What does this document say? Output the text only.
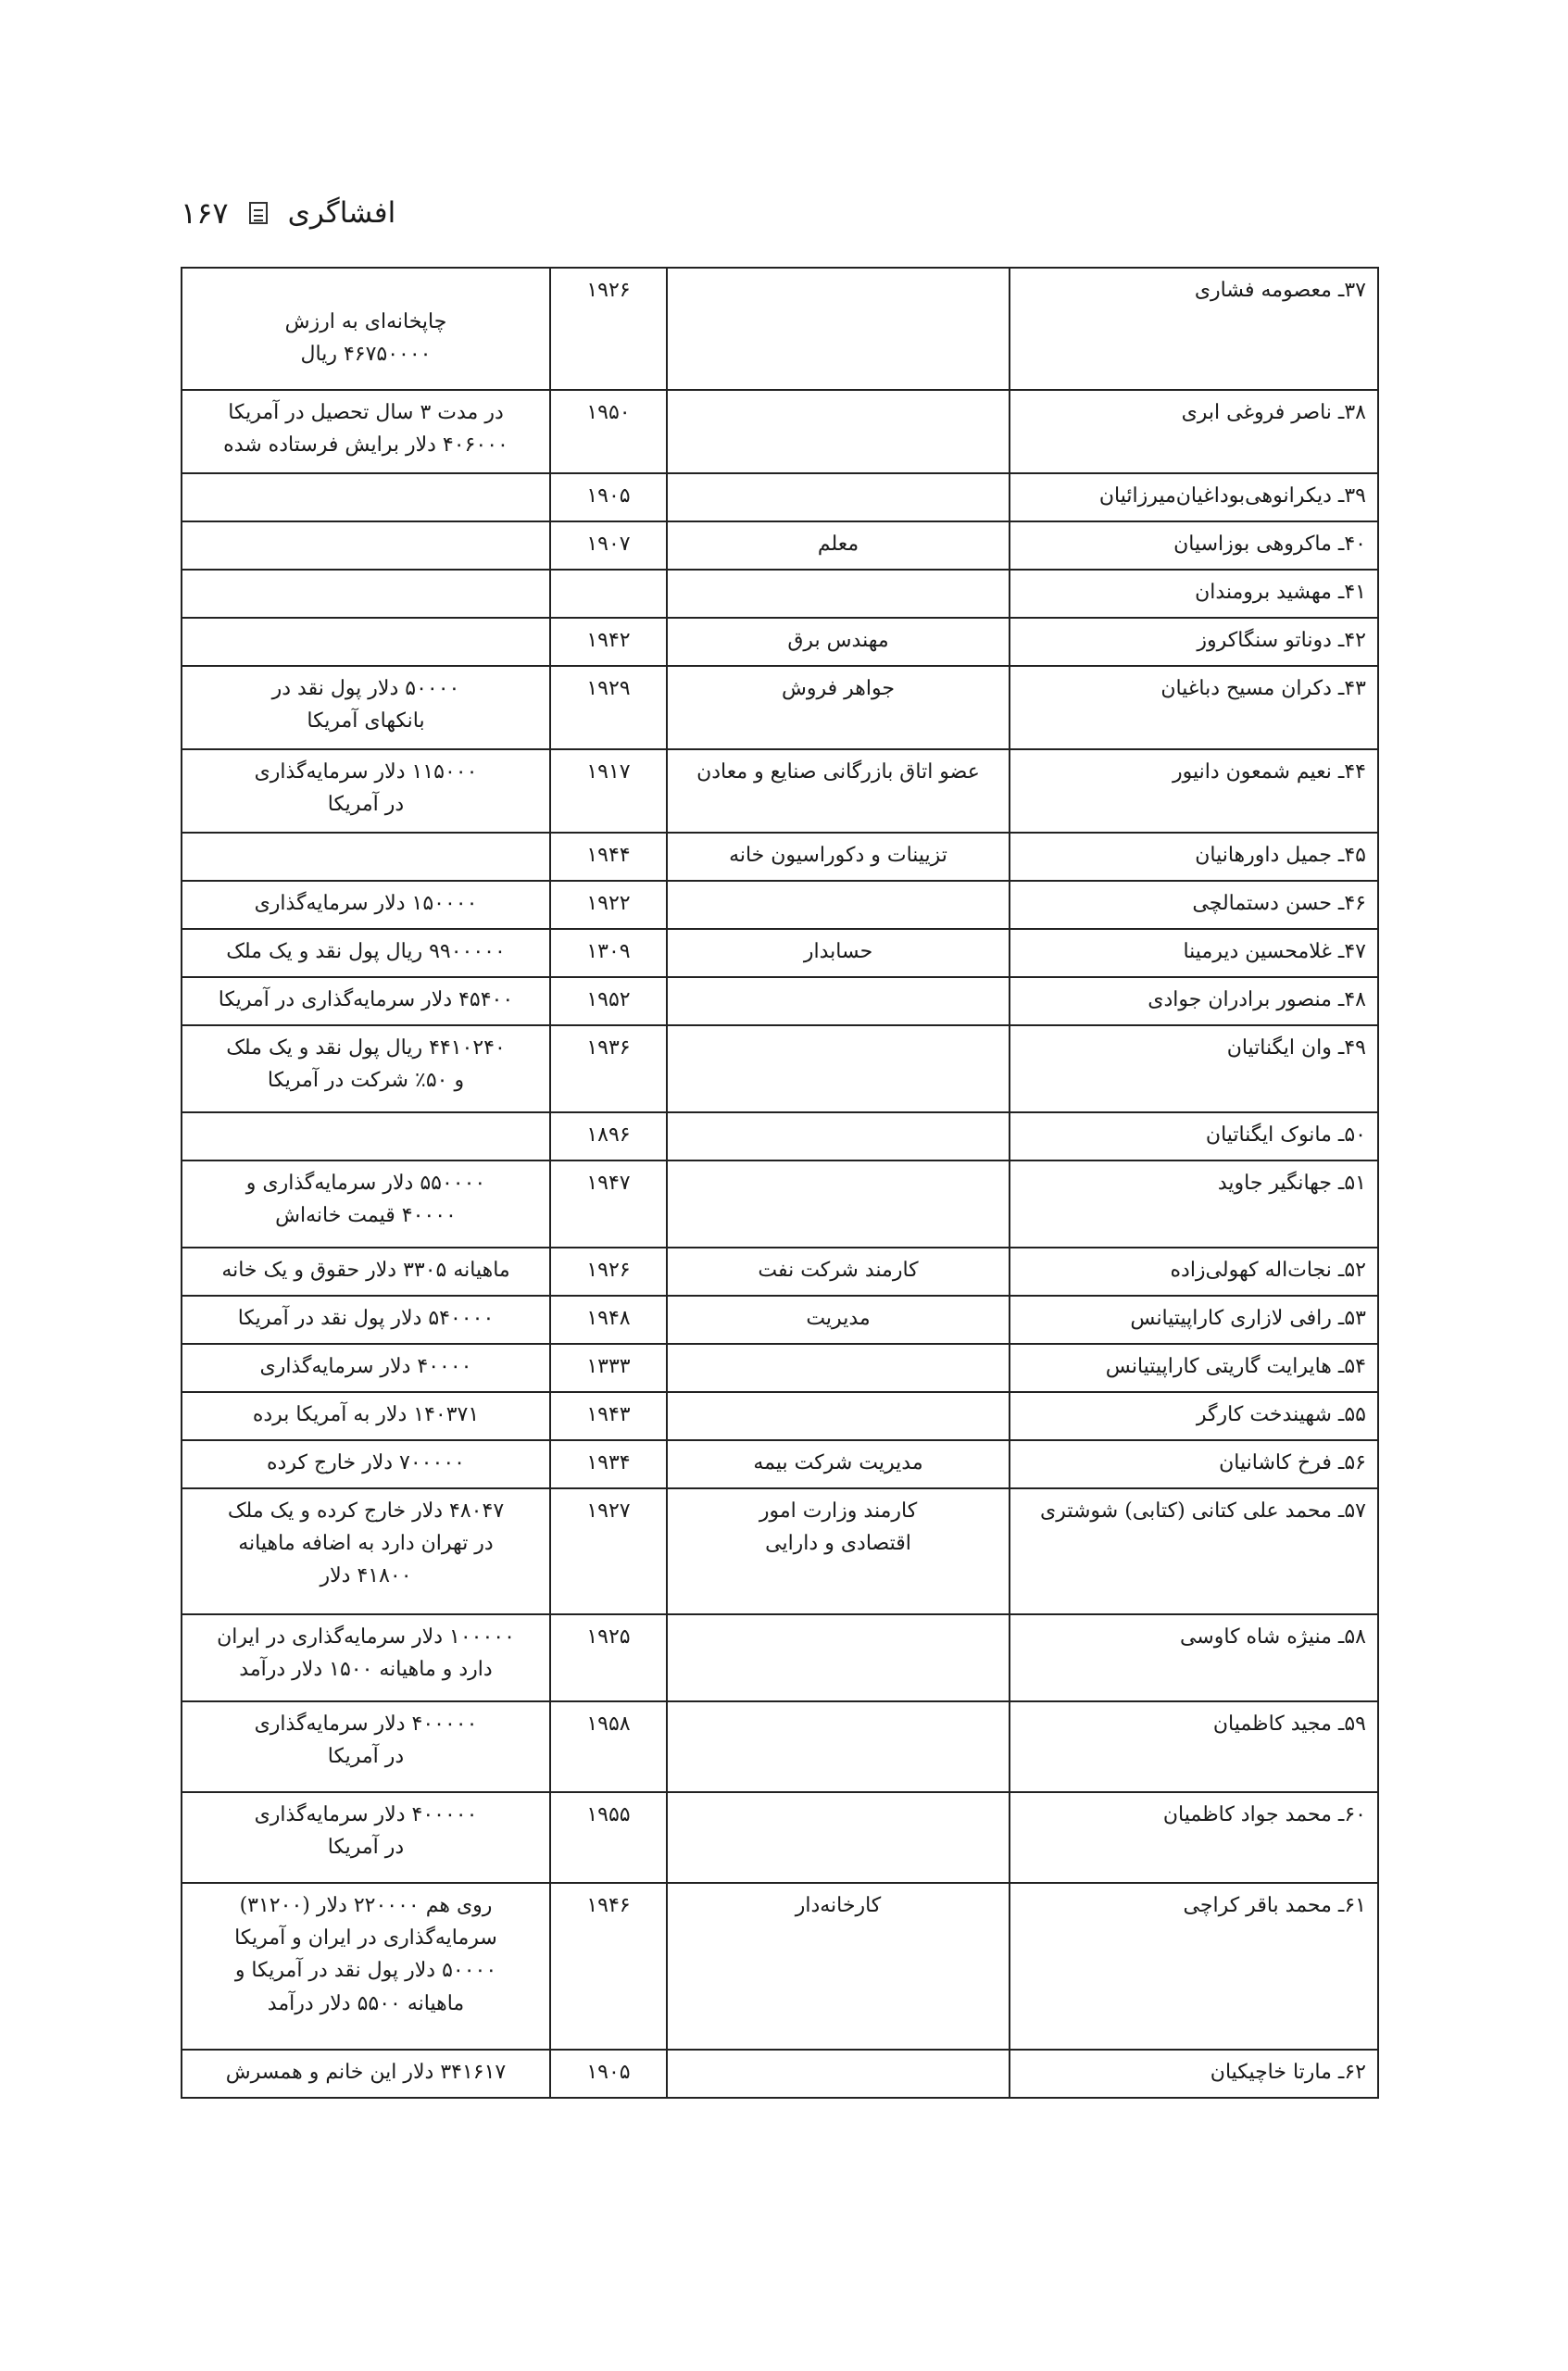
۱۶۷ افشاگری
۳۷ـ معصومه فشاری		۱۹۲۶	چاپخانه‌ای به ارزش
۴۶۷۵۰۰۰۰ ریال

۳۸ـ ناصر فروغی ابری		۱۹۵۰	در مدت ۳ سال تحصیل در آمریکا
۴۰۶۰۰۰ دلار برایش فرستاده شده

۳۹ـ دیکرانوهی‌بوداغیان‌میرزائیان		۱۹۰۵	
۴۰ـ ماکروهی بوزاسیان	معلم	۱۹۰۷	
۴۱ـ مهشید برومندان			
۴۲ـ دوناتو سنگاکروز	مهندس برق	۱۹۴۲	
۴۳ـ دکران مسیح دباغیان	جواهر فروش	۱۹۲۹	۵۰۰۰۰ دلار پول نقد در
بانکهای آمریکا

۴۴ـ نعیم شمعون دانیور	عضو اتاق بازرگانی صنایع و معادن	۱۹۱۷	۱۱۵۰۰۰ دلار سرمایه‌گذاری
در آمریکا

۴۵ـ جمیل داورهانیان	تزیینات و دکوراسیون خانه	۱۹۴۴	
۴۶ـ حسن دستمالچی		۱۹۲۲	۱۵۰۰۰۰ دلار سرمایه‌گذاری

۴۷ـ غلامحسین دیرمینا	حسابدار	۱۳۰۹	۹۹۰۰۰۰۰ ریال پول نقد و یک ملک

۴۸ـ منصور برادران جوادی		۱۹۵۲	۴۵۴۰۰ دلار سرمایه‌گذاری در آمریکا

۴۹ـ وان ایگناتیان		۱۹۳۶	۴۴۱۰۲۴۰ ریال پول نقد و یک ملک
و ۵۰٪ شرکت در آمریکا

۵۰ـ مانوک ایگناتیان		۱۸۹۶	
۵۱ـ جهانگیر جاوید		۱۹۴۷	۵۵۰۰۰۰ دلار سرمایه‌گذاری و
۴۰۰۰۰ قیمت خانه‌اش

۵۲ـ نجات‌اله کهولی‌زاده	کارمند شرکت نفت	۱۹۲۶	ماهیانه ۳۳۰۵ دلار حقوق و یک خانه

۵۳ـ رافی لازاری کاراپیتیانس	مدیریت	۱۹۴۸	۵۴۰۰۰۰ دلار پول نقد در آمریکا

۵۴ـ هایرایت گاریتی کاراپیتیانس		۱۳۳۳	۴۰۰۰۰ دلار سرمایه‌گذاری

۵۵ـ شهیندخت کارگر		۱۹۴۳	۱۴۰۳۷۱ دلار به آمریکا برده

۵۶ـ فرخ کاشانیان	مدیریت شرکت بیمه	۱۹۳۴	۷۰۰۰۰۰ دلار خارج کرده

۵۷ـ محمد علی کتانی (کتابی) شوشتری	کارمند وزارت امور
اقتصادی و دارایی	۱۹۲۷	۴۸۰۴۷ دلار خارج کرده و یک ملک
در تهران دارد به اضافه ماهیانه
۴۱۸۰۰ دلار

۵۸ـ منیژه شاه کاوسی		۱۹۲۵	۱۰۰۰۰۰ دلار سرمایه‌گذاری در ایران
دارد و ماهیانه ۱۵۰۰ دلار درآمد

۵۹ـ مجید کاظمیان		۱۹۵۸	۴۰۰۰۰۰ دلار سرمایه‌گذاری
در آمریکا

۶۰ـ محمد جواد کاظمیان		۱۹۵۵	۴۰۰۰۰۰ دلار سرمایه‌گذاری
در آمریکا

۶۱ـ محمد باقر کراچی	کارخانه‌دار	۱۹۴۶	روی هم ۲۲۰۰۰۰ دلار (۳۱۲۰۰)
سرمایه‌گذاری در ایران و آمریکا
۵۰۰۰۰ دلار پول نقد در آمریکا و
ماهیانه ۵۵۰۰ دلار درآمد

۶۲ـ مارتا خاچیکیان		۱۹۰۵	۳۴۱۶۱۷ دلار این خانم و همسرش
